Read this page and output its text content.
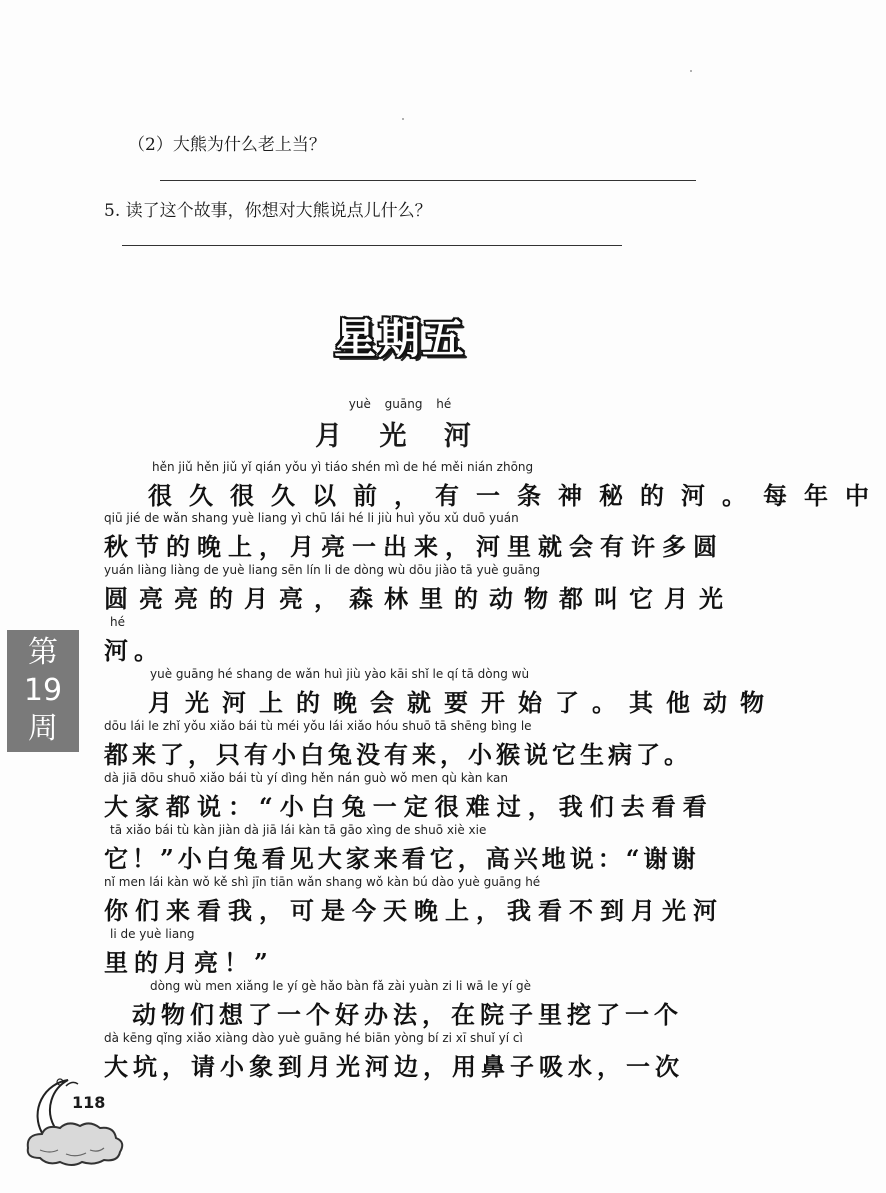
（2）大熊为什么老上当？
5. 读了这个故事，你想对大熊说点儿什么？
星期五
yuè guāng hé
月 光 河
hěn jiǔ hěn jiǔ yǐ qián yǒu yì tiáo shén mì de hé měi nián zhōng
很久很久以前，有一条神秘的河。每年中
qiū jié de wǎn shang yuè liang yì chū lái hé li jiù huì yǒu xǔ duō yuán
秋节的晚上，月亮一出来，河里就会有许多圆
yuán liàng liàng de yuè liang sēn lín li de dòng wù dōu jiào tā yuè guāng
圆亮亮的月亮，森林里的动物都叫它月光
hé
河。
yuè guāng hé shang de wǎn huì jiù yào kāi shǐ le qí tā dòng wù
月光河上的晚会就要开始了。其他动物
dōu lái le zhǐ yǒu xiǎo bái tù méi yǒu lái xiǎo hóu shuō tā shēng bìng le
都来了，只有小白兔没有来，小猴说它生病了。
dà jiā dōu shuō xiǎo bái tù yí dìng hěn nán guò wǒ men qù kàn kan
大家都说：“小白兔一定很难过，我们去看看
tā xiǎo bái tù kàn jiàn dà jiā lái kàn tā gāo xìng de shuō xiè xie
它！”小白兔看见大家来看它，高兴地说：“谢谢
nǐ men lái kàn wǒ kě shì jīn tiān wǎn shang wǒ kàn bú dào yuè guāng hé
你们来看我，可是今天晚上，我看不到月光河
li de yuè liang
里的月亮！”
dòng wù men xiǎng le yí gè hǎo bàn fǎ zài yuàn zi li wā le yí gè
动物们想了一个好办法，在院子里挖了一个
dà kēng qǐng xiǎo xiàng dào yuè guāng hé biān yòng bí zi xī shuǐ yí cì
大坑，请小象到月光河边，用鼻子吸水，一次
第
19
周
118
